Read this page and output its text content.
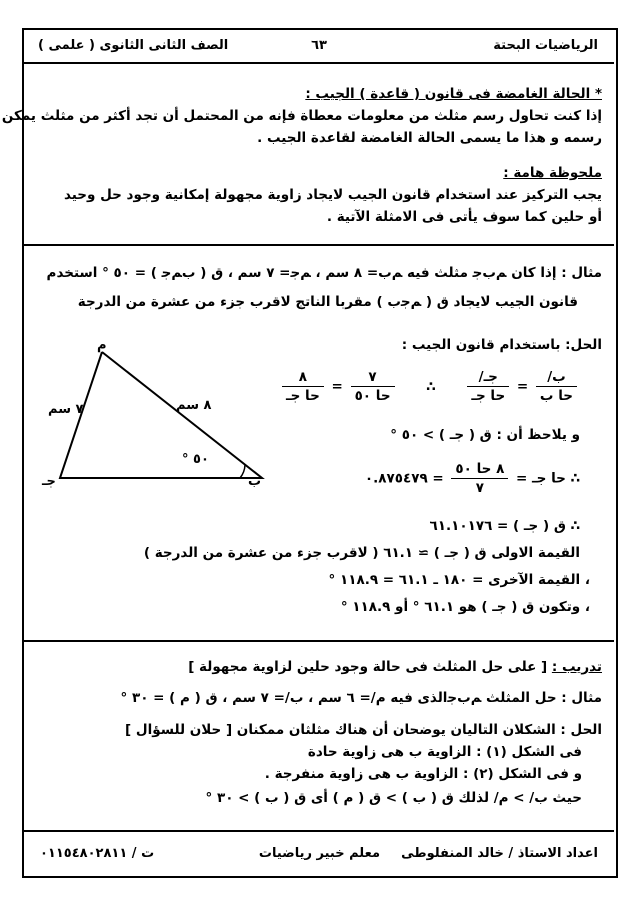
الرياضيات البحتة
٦٣
الصف الثانى الثانوى ( علمى )
* الحالة الغامضة فى قانون ( قاعدة ) الجيب :
إذا كنت تحاول رسم مثلث من معلومات معطاة فإنه من المحتمل أن تجد أكثر من مثلث يمكن
رسمه و هذا ما يسمى الحالة الغامضة لقاعدة الجيب .
ملحوظة هامة :
يجب التركيز عند استخدام قانون الجيب لايجاد زاوية مجهولة إمكانية وجود حل وحيد
أو حلين كما سوف يأتى فى الامثلة الآتية .
مثال : إذا كان ﻢﺏﺟ مثلث فيه ﻢﺏ= ٨ سم ، ﻢﺟ= ٧ سم ، ق ( ﺏﻢﺟ ) = ٥٠ ° استخدم
قانون الجيب لايجاد ق ( ﻢﺟﺏ ) مقربا الناتج لاقرب جزء من عشرة من الدرجة
الحل: باستخدام قانون الجيب :
$\frac{\text{ب/}}{\text{حا ب}}$
=
$\frac{\text{جـ/}}{\text{حا جـ}}$
∴
$\frac{٧}{\text{حا ٥٠}}$
=
$\frac{٨}{\text{حا جـ}}$
و يلاحظ أن : ق ( جـ ) > ٥٠ °
∴ حا جـ =
$\frac{\text{٨ حا ٥٠}}{٧}$
= ٠.٨٧٥٤٧٩
∴ ق ( جـ ) = ٦١.١٠١٧٦
القيمة الاولى ق ( جـ ) ≃ ٦١.١ ( لاقرب جزء من عشرة من الدرجة )
، القيمة الآخرى = ١٨٠ ـ ٦١.١ = ١١٨.٩ °
، وتكون ق ( جـ ) هو ٦١.١ ° أو ١١٨.٩ °
ﻡ
جـ	ب
٧ سم	٨ سم
٥٠ °
تدريب : [ على حل المثلث فى حالة وجود حلين لزاوية مجهولة ]
مثال : حل المثلث ﻢﺏﺟالذى فيه ﻡ/= ٦ سم ، ب/= ٧ سم ، ق ( ﻡ ) = ٣٠ °
الحل : الشكلان التاليان يوضحان أن هناك مثلثان ممكنان [ حلان للسؤال ]
فى الشكل (١) : الزاوية ب هى زاوية حادة
و فى الشكل (٢) : الزاوية ب هى زاوية منفرجة .
حيث ب/ > ﻡ/ لذلك ق ( ب ) > ق ( ﻡ ) أى ق ( ب ) > ٣٠ °
اعداد الاستاذ / خالد المنفلوطى
معلم خبير رياضيات
ت / ٠١١٥٤٨٠٢٨١١
